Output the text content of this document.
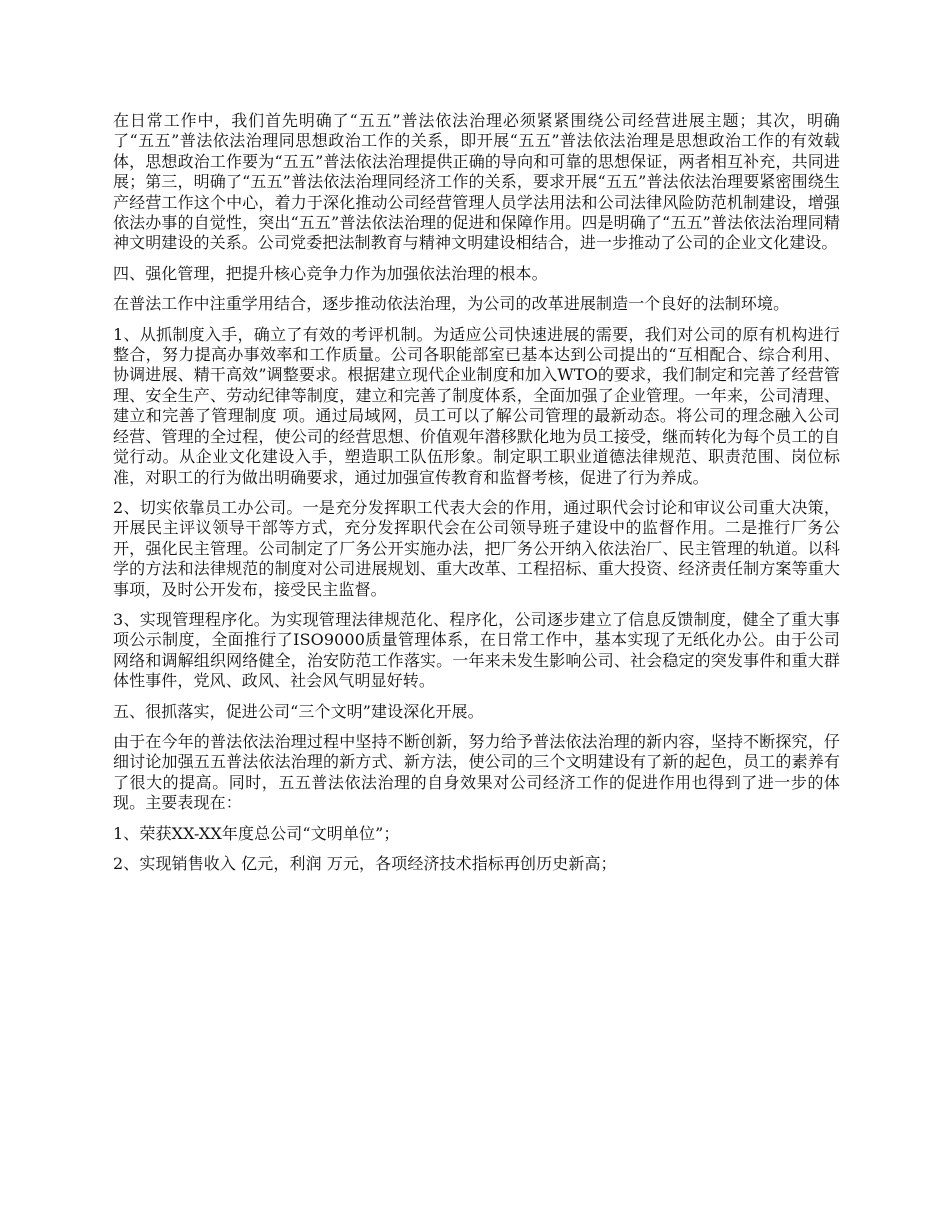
在日常工作中，我们首先明确了“五五”普法依法治理必须紧紧围绕公司经营进展主题；其次，明确了“五五”普法依法治理同思想政治工作的关系，即开展“五五”普法依法治理是思想政治工作的有效载体，思想政治工作要为“五五”普法依法治理提供正确的导向和可靠的思想保证，两者相互补充，共同进展；第三，明确了“五五”普法依法治理同经济工作的关系，要求开展“五五”普法依法治理要紧密围绕生产经营工作这个中心，着力于深化推动公司经营管理人员学法用法和公司法律风险防范机制建设，增强依法办事的自觉性，突出“五五”普法依法治理的促进和保障作用。四是明确了“五五”普法依法治理同精神文明建设的关系。公司党委把法制教育与精神文明建设相结合，进一步推动了公司的企业文化建设。

四、强化管理，把提升核心竞争力作为加强依法治理的根本。

在普法工作中注重学用结合，逐步推动依法治理，为公司的改革进展制造一个良好的法制环境。

1、从抓制度入手，确立了有效的考评机制。为适应公司快速进展的需要，我们对公司的原有机构进行整合，努力提高办事效率和工作质量。公司各职能部室已基本达到公司提出的“互相配合、综合利用、协调进展、精干高效”调整要求。根据建立现代企业制度和加入WTO的要求，我们制定和完善了经营管理、安全生产、劳动纪律等制度，建立和完善了制度体系，全面加强了企业管理。一年来，公司清理、建立和完善了管理制度 项。通过局域网，员工可以了解公司管理的最新动态。将公司的理念融入公司经营、管理的全过程，使公司的经营思想、价值观年潜移默化地为员工接受，继而转化为每个员工的自觉行动。从企业文化建设入手，塑造职工队伍形象。制定职工职业道德法律规范、职责范围、岗位标准，对职工的行为做出明确要求，通过加强宣传教育和监督考核，促进了行为养成。

2、切实依靠员工办公司。一是充分发挥职工代表大会的作用，通过职代会讨论和审议公司重大决策，开展民主评议领导干部等方式，充分发挥职代会在公司领导班子建设中的监督作用。二是推行厂务公开，强化民主管理。公司制定了厂务公开实施办法，把厂务公开纳入依法治厂、民主管理的轨道。以科学的方法和法律规范的制度对公司进展规划、重大改革、工程招标、重大投资、经济责任制方案等重大事项，及时公开发布，接受民主监督。

3、实现管理程序化。为实现管理法律规范化、程序化，公司逐步建立了信息反馈制度，健全了重大事项公示制度，全面推行了ISO9000质量管理体系，在日常工作中，基本实现了无纸化办公。由于公司网络和调解组织网络健全，治安防范工作落实。一年来未发生影响公司、社会稳定的突发事件和重大群体性事件，党风、政风、社会风气明显好转。

五、很抓落实，促进公司“三个文明”建设深化开展。

由于在今年的普法依法治理过程中坚持不断创新，努力给予普法依法治理的新内容，坚持不断探究，仔细讨论加强五五普法依法治理的新方式、新方法，使公司的三个文明建设有了新的起色，员工的素养有了很大的提高。同时，五五普法依法治理的自身效果对公司经济工作的促进作用也得到了进一步的体现。主要表现在：

1、荣获XX-XX年度总公司“文明单位”；

2、实现销售收入 亿元，利润 万元，各项经济技术指标再创历史新高；
